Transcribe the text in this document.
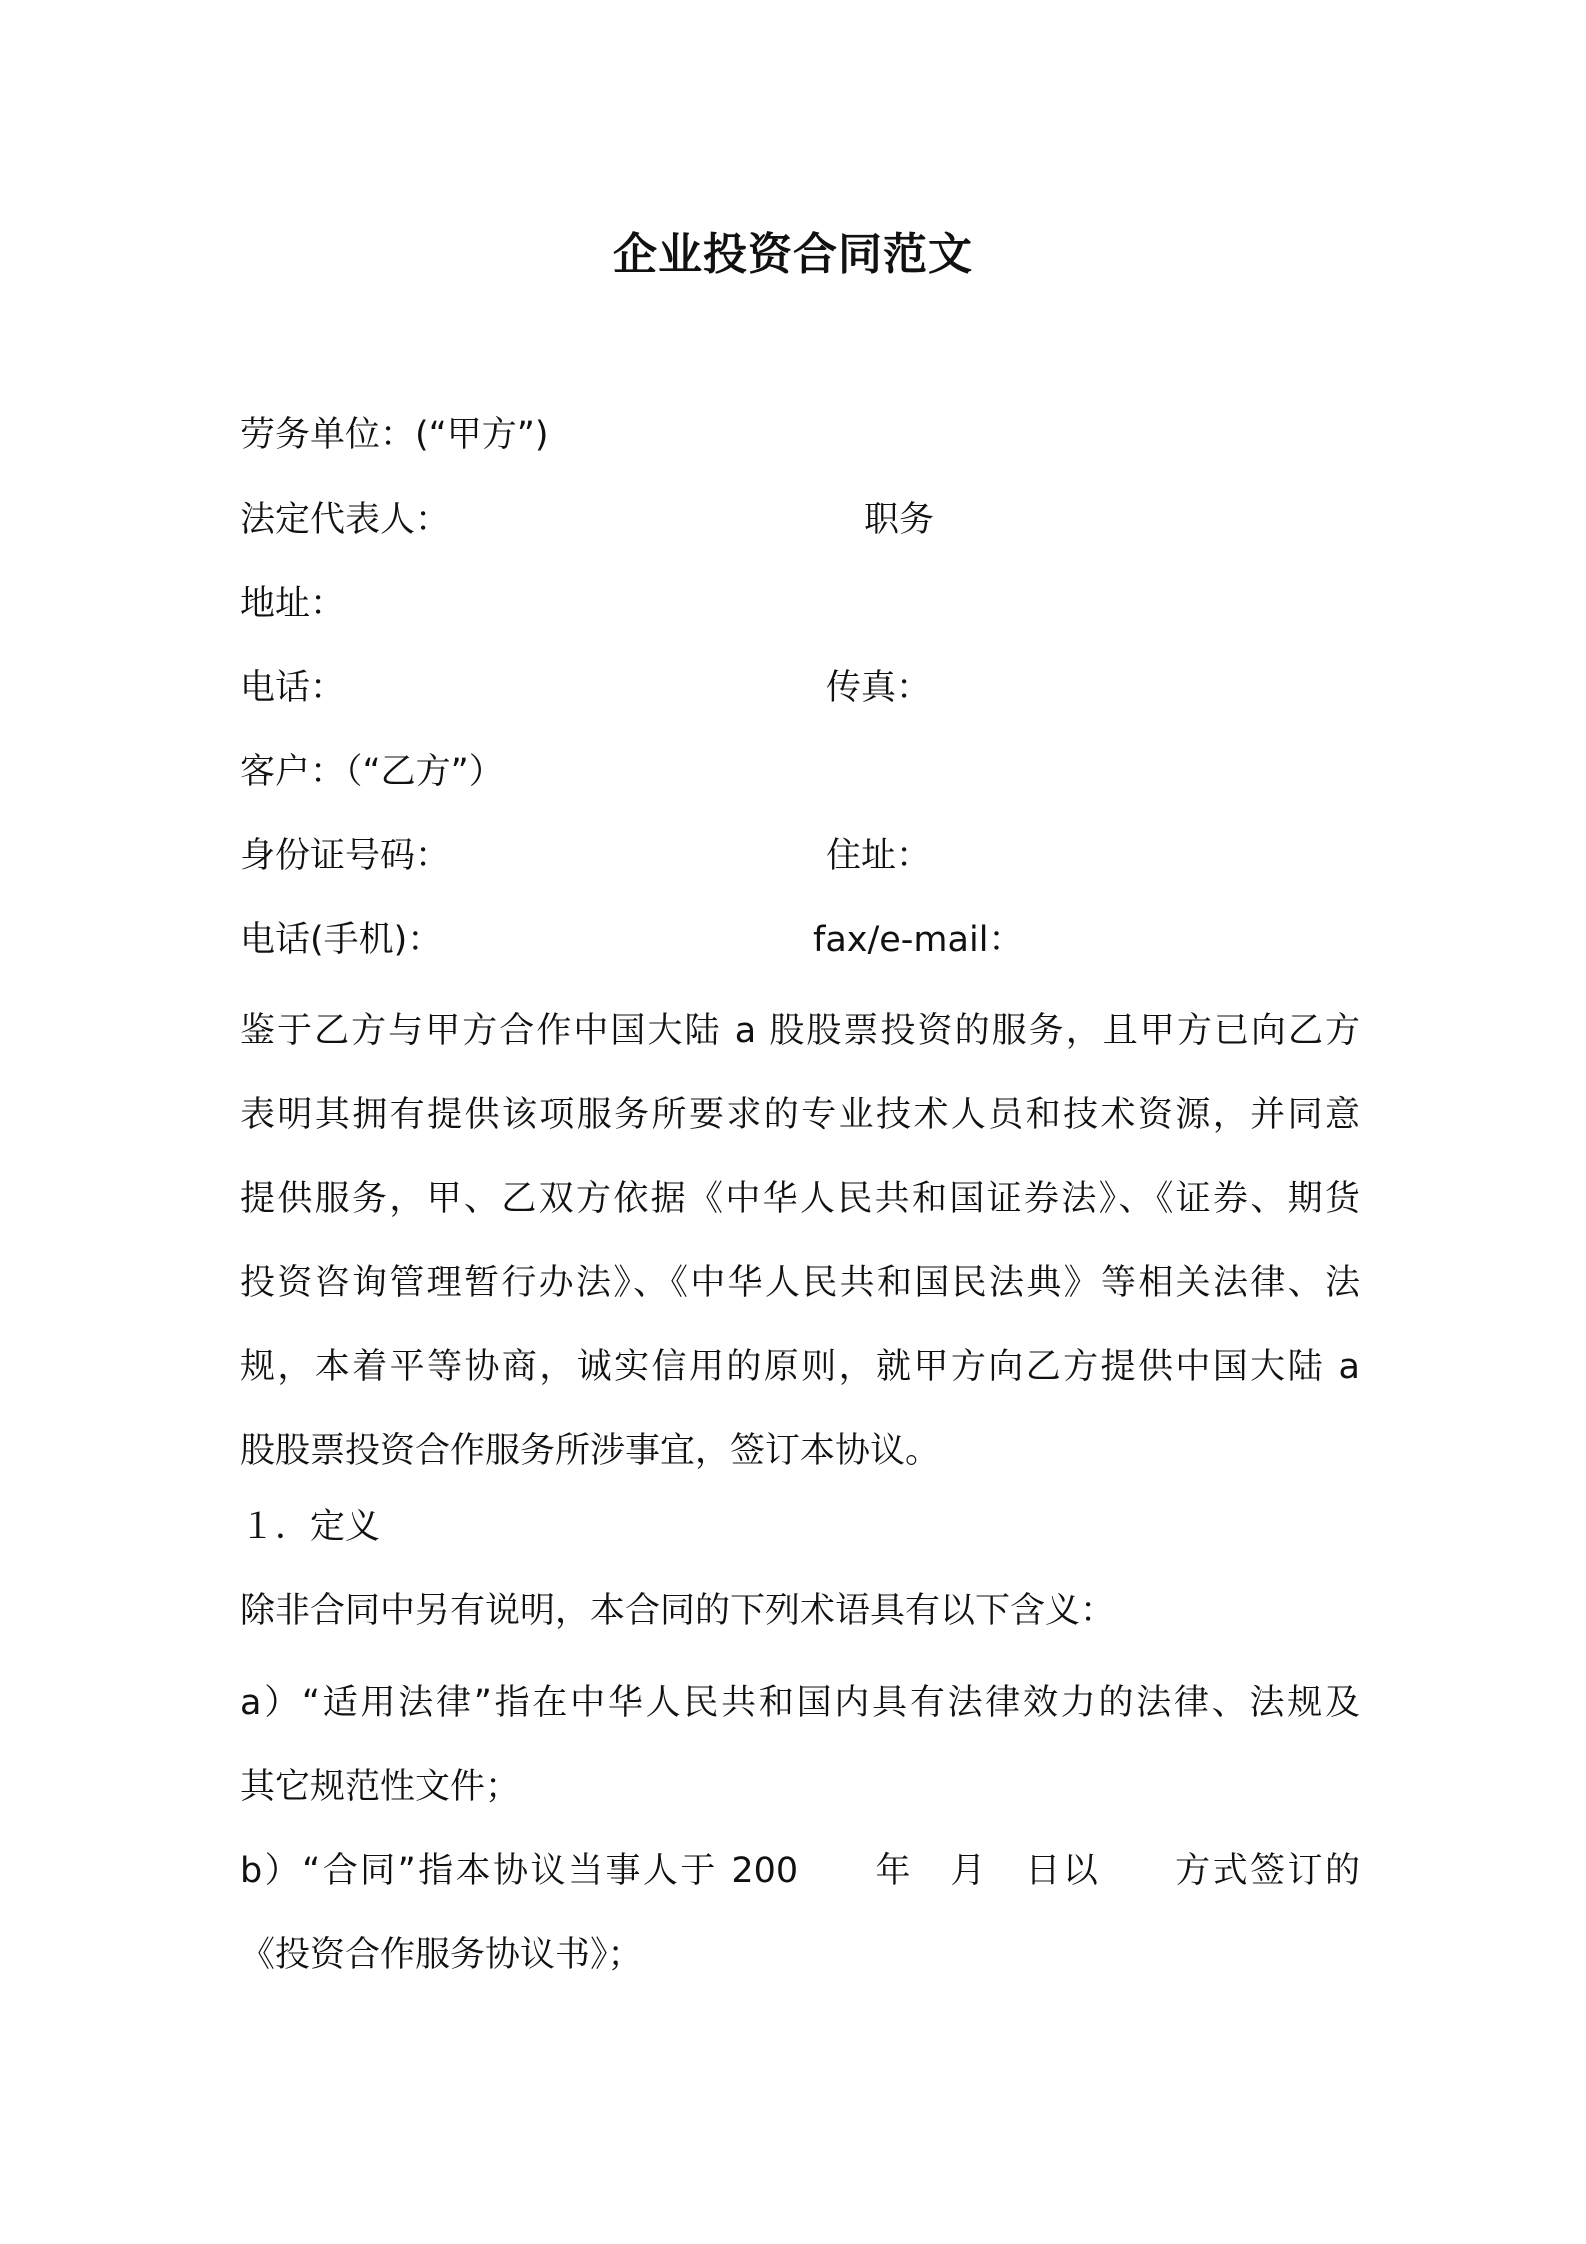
企业投资合同范文
劳务单位：(“甲方”)
法定代表人：	职务
地址：
电话：	传真：
客户：（“乙方”）
身份证号码：	住址：
电话(手机)：	fax/e-mail：
鉴于乙方与甲方合作中国大陆 a 股股票投资的服务，且甲方已向乙方
表明其拥有提供该项服务所要求的专业技术人员和技术资源，并同意
提供服务，甲、乙双方依据《中华人民共和国证券法》、《证券、期货
投资咨询管理暂行办法》、《中华人民共和国民法典》等相关法律、法
规，本着平等协商，诚实信用的原则，就甲方向乙方提供中国大陆 a
股股票投资合作服务所涉事宜，签订本协议。
１．定义
除非合同中另有说明，本合同的下列术语具有以下含义：
a）“适用法律”指在中华人民共和国内具有法律效力的法律、法规及
其它规范性文件；
b）“合同”指本协议当事人于 200　　年　月　日以　　方式签订的
《投资合作服务协议书》；
